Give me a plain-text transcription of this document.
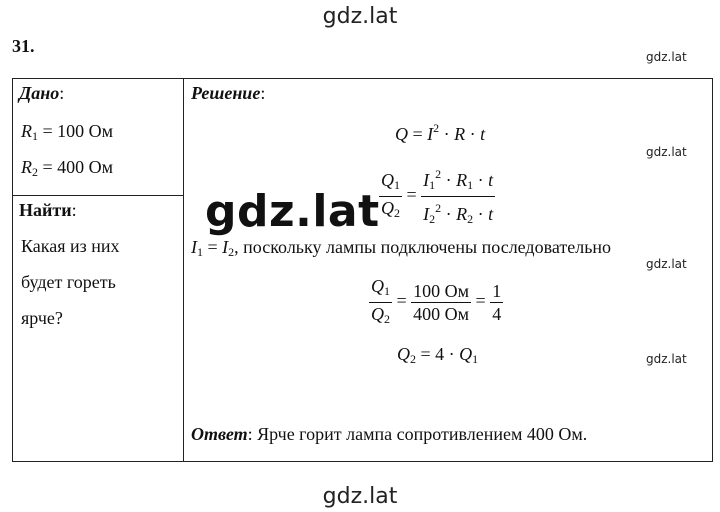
gdz.lat
31.
gdz.lat
gdz.lat
gdz.lat
gdz.lat
Дано:
$R_1 = 100$ Ом
$R_2 = 400$ Ом
Найти:
Какая из них
будет гореть
ярче?
Решение:
$Q = I^2 \cdot R \cdot t$
$\frac{Q_1}{Q_2} = \frac{I_1^2 \cdot R_1 \cdot t}{I_2^2 \cdot R_2 \cdot t}$
$I_1 = I_2$, поскольку лампы подключены последовательно
$\frac{Q_1}{Q_2} = \frac{100 Ом}{400 Ом} = \frac{1}{4}$
$Q_2 = 4 \cdot Q_1$
Ответ: Ярче горит лампа сопротивлением 400 Ом.
gdz.lat
gdz.lat
